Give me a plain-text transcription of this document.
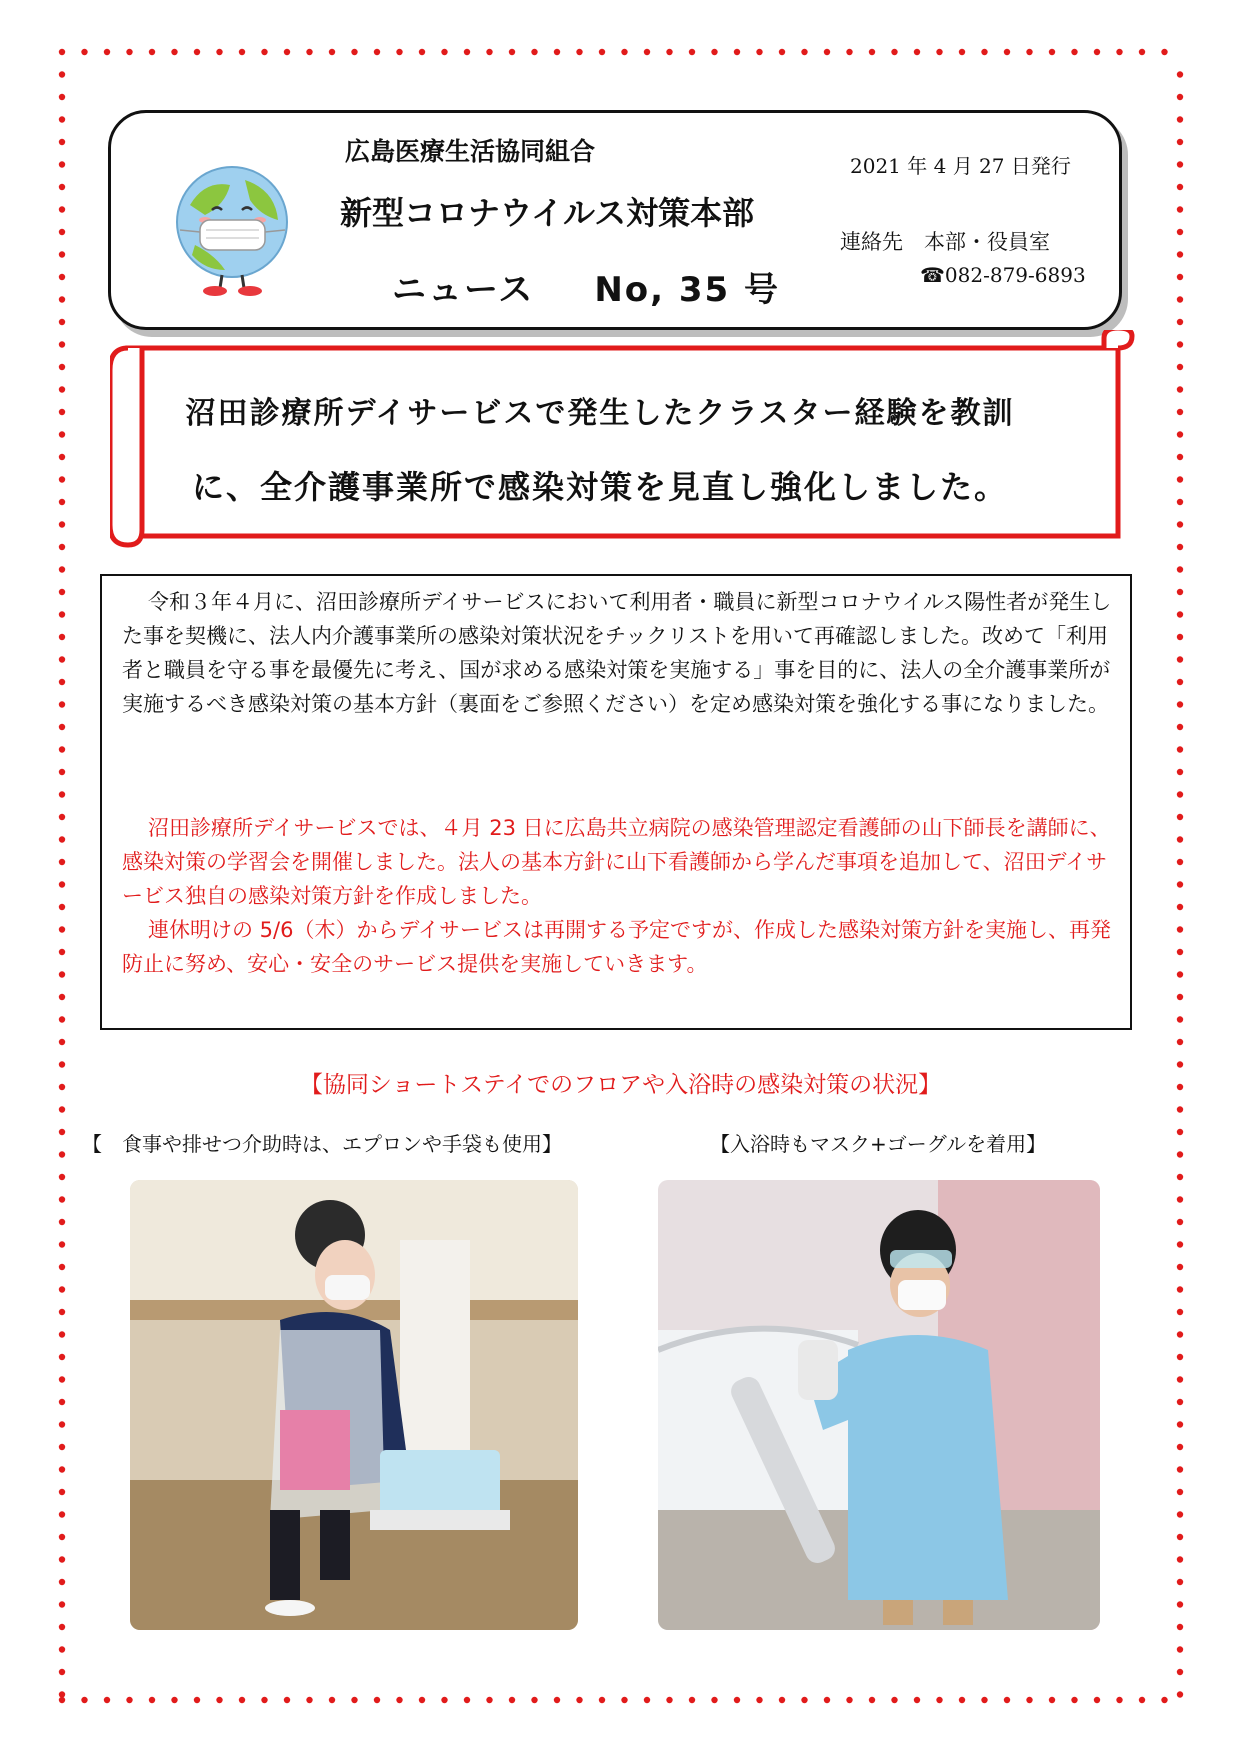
広島医療生活協同組合
新型コロナウイルス対策本部
ニュース No, 35 号
2021 年 4 月 27 日発行
連絡先　本部・役員室
☎082-879-6893
沼田診療所デイサービスで発生したクラスター経験を教訓
に、全介護事業所で感染対策を見直し強化しました。
令和３年４月に、沼田診療所デイサービスにおいて利用者・職員に新型コロナウイルス陽性者が発生した事を契機に、法人内介護事業所の感染対策状況をチックリストを用いて再確認しました。改めて「利用者と職員を守る事を最優先に考え、国が求める感染対策を実施する」事を目的に、法人の全介護事業所が実施するべき感染対策の基本方針（裏面をご参照ください）を定め感染対策を強化する事になりました。
沼田診療所デイサービスでは、４月 23 日に広島共立病院の感染管理認定看護師の山下師長を講師に、感染対策の学習会を開催しました。法人の基本方針に山下看護師から学んだ事項を追加して、沼田デイサービス独自の感染対策方針を作成しました。
連休明けの 5/6（木）からデイサービスは再開する予定ですが、作成した感染対策方針を実施し、再発防止に努め、安心・安全のサービス提供を実施していきます。
【協同ショートステイでのフロアや入浴時の感染対策の状況】
【　食事や排せつ介助時は、エプロンや手袋も使用】	【入浴時もマスク+ゴーグルを着用】
